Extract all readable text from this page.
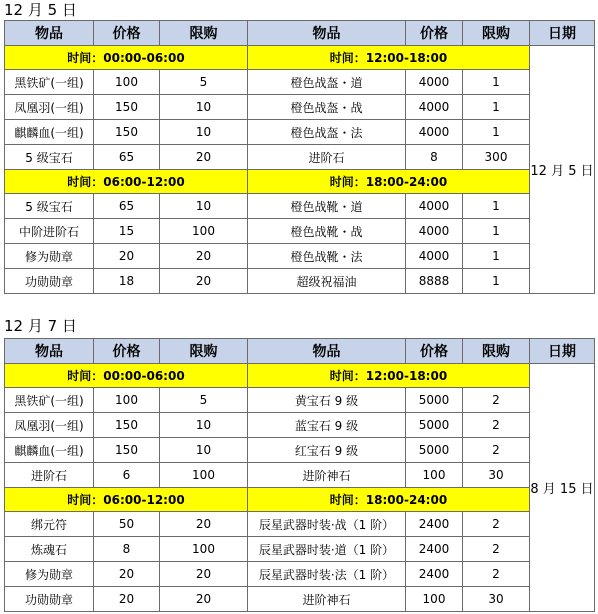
12 月 5 日
物品	价格	限购	物品	价格	限购	日期
时间：00:00-06:00			时间：12:00-18:00			12 月 5 日
黑铁矿(一组)	100	5	橙色战盔・道	4000	1	
凤凰羽(一组)	150	10	橙色战盔・战	4000	1	
麒麟血(一组)	150	10	橙色战盔・法	4000	1	
5 级宝石	65	20	进阶石	8	300	
时间：06:00-12:00			时间：18:00-24:00			
5 级宝石	65	10	橙色战靴・道	4000	1	
中阶进阶石	15	100	橙色战靴・战	4000	1	
修为勋章	20	20	橙色战靴・法	4000	1	
功勋勋章	18	20	超级祝福油	8888	1	
12 月 7 日
物品	价格	限购	物品	价格	限购	日期
时间：00:00-06:00			时间：12:00-18:00			8 月 15 日
黑铁矿(一组)	100	5	黄宝石 9 级	5000	2	
凤凰羽(一组)	150	10	蓝宝石 9 级	5000	2	
麒麟血(一组)	150	10	红宝石 9 级	5000	2	
进阶石	6	100	进阶神石	100	30	
时间：06:00-12:00			时间：18:00-24:00			
绑元符	50	20	辰星武器时装·战（1 阶）	2400	2	
炼魂石	8	100	辰星武器时装·道（1 阶）	2400	2	
修为勋章	20	20	辰星武器时装·法（1 阶）	2400	2	
功勋勋章	20	20	进阶神石	100	30	
